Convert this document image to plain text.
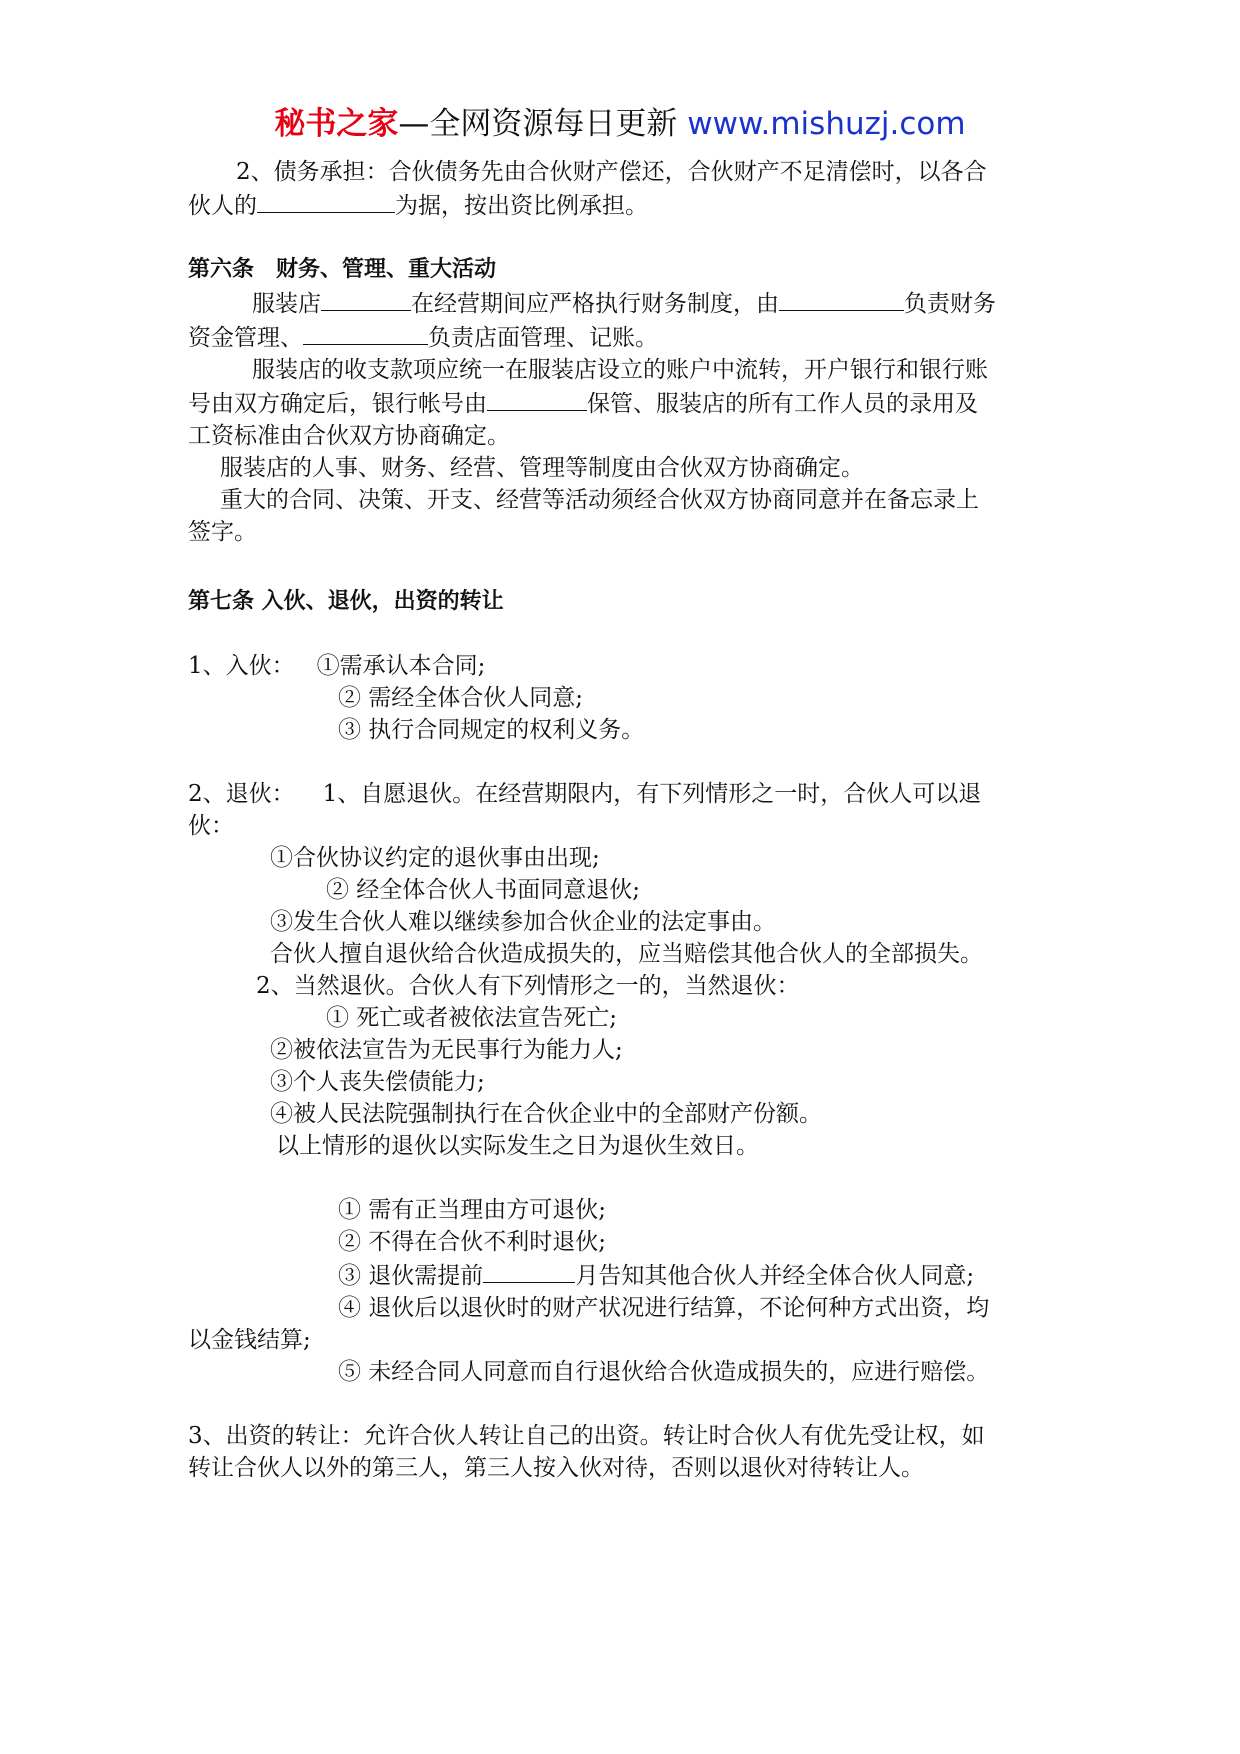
秘书之家—全网资源每日更新 www.mishuzj.com

2、债务承担：合伙债务先由合伙财产偿还，合伙财产不足清偿时，以各合

伙人的	为据，按出资比例承担。

第六条　财务、管理、重大活动

服装店	在经营期间应严格执行财务制度，由	负责财务

资金管理、	负责店面管理、记账。

服装店的收支款项应统一在服装店设立的账户中流转，开户银行和银行账

号由双方确定后，银行帐号由	保管、服装店的所有工作人员的录用及

工资标准由合伙双方协商确定。

服装店的人事、财务、经营、管理等制度由合伙双方协商确定。

重大的合同、决策、开支、经营等活动须经合伙双方协商同意并在备忘录上

签字。

第七条 入伙、退伙，出资的转让

1、入伙： ①需承认本合同;

② 需经全体合伙人同意;

③ 执行合同规定的权利义务。

2、退伙： 1、自愿退伙。在经营期限内，有下列情形之一时，合伙人可以退

伙：

①合伙协议约定的退伙事由出现;

② 经全体合伙人书面同意退伙;

③发生合伙人难以继续参加合伙企业的法定事由。

合伙人擅自退伙给合伙造成损失的，应当赔偿其他合伙人的全部损失。

2、当然退伙。合伙人有下列情形之一的，当然退伙：

① 死亡或者被依法宣告死亡;

②被依法宣告为无民事行为能力人;

③个人丧失偿债能力;

④被人民法院强制执行在合伙企业中的全部财产份额。

以上情形的退伙以实际发生之日为退伙生效日。

① 需有正当理由方可退伙;

② 不得在合伙不利时退伙;

③ 退伙需提前	月告知其他合伙人并经全体合伙人同意;

④ 退伙后以退伙时的财产状况进行结算，不论何种方式出资，均

以金钱结算;

⑤ 未经合同人同意而自行退伙给合伙造成损失的，应进行赔偿。

3、出资的转让：允许合伙人转让自己的出资。转让时合伙人有优先受让权，如

转让合伙人以外的第三人，第三人按入伙对待，否则以退伙对待转让人。
